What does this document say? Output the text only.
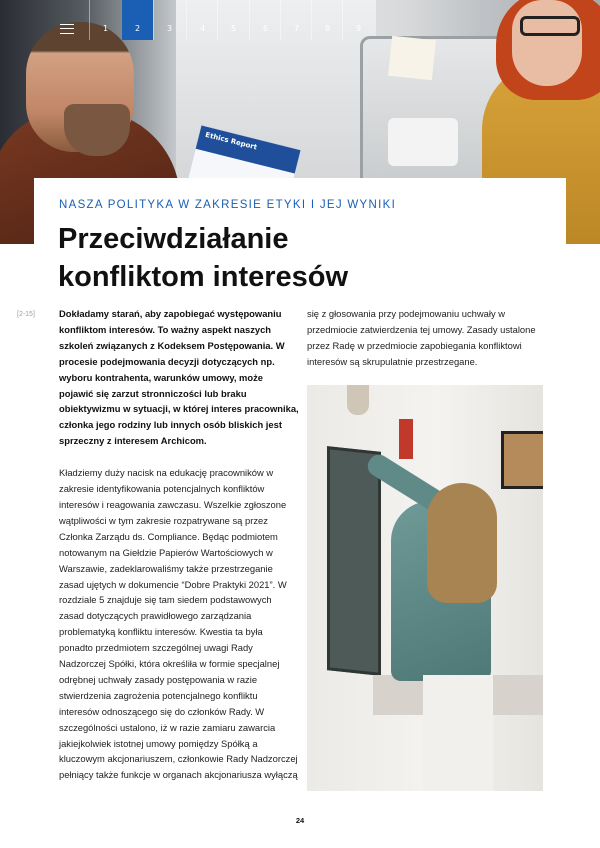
Ethics Report
1	2	3	4	5	6	7	8	9
NASZA POLITYKA W ZAKRESIE ETYKI I JEJ WYNIKI
Przeciwdziałanie
konfliktom interesów
[2-15]	Dokładamy starań, aby zapobiegać występowaniu konfliktom interesów. To ważny aspekt naszych szkoleń związanych z Kodeksem Postępowania. W procesie podejmowania decyzji dotyczących np. wyboru kontrahenta, warunków umowy, może pojawić się zarzut stronniczości lub braku obiektywizmu w sytuacji, w której interes pracownika, członka jego rodziny lub innych osób bliskich jest sprzeczny z interesem Archicom.

Kładziemy duży nacisk na edukację pracowników w zakresie identyfikowania potencjalnych konfliktów interesów i reagowania zawczasu. Wszelkie zgłoszone wątpliwości w tym zakresie rozpatrywane są przez Członka Zarządu ds. Compliance. Będąc podmiotem notowanym na Giełdzie Papierów Wartościowych w Warszawie, zadeklarowaliśmy także przestrzeganie zasad ujętych w dokumencie “Dobre Praktyki 2021”. W rozdziale 5 znajduje się tam siedem podstawowych zasad dotyczących prawidłowego zarządzania problematyką konfliktu interesów. Kwestia ta była ponadto przedmiotem szczególnej uwagi Rady Nadzorczej Spółki, która określiła w formie specjalnej odrębnej uchwały zasady postępowania w razie stwierdzenia zagrożenia potencjalnego konfliktu interesów odnoszącego się do członków Rady. W szczególności ustalono, iż w razie zamiaru zawarcia jakiejkolwiek istotnej umowy pomiędzy Spółką a kluczowym akcjonariuszem, członkowie Rady Nadzorczej pełniący także funkcje w organach akcjonariusza wyłączą

się z głosowania przy podejmowaniu uchwały w przedmiocie zatwierdzenia tej umowy. Zasady ustalone przez Radę w przedmiocie zapobiegania konfliktowi interesów są skrupulatnie przestrzegane.

24
